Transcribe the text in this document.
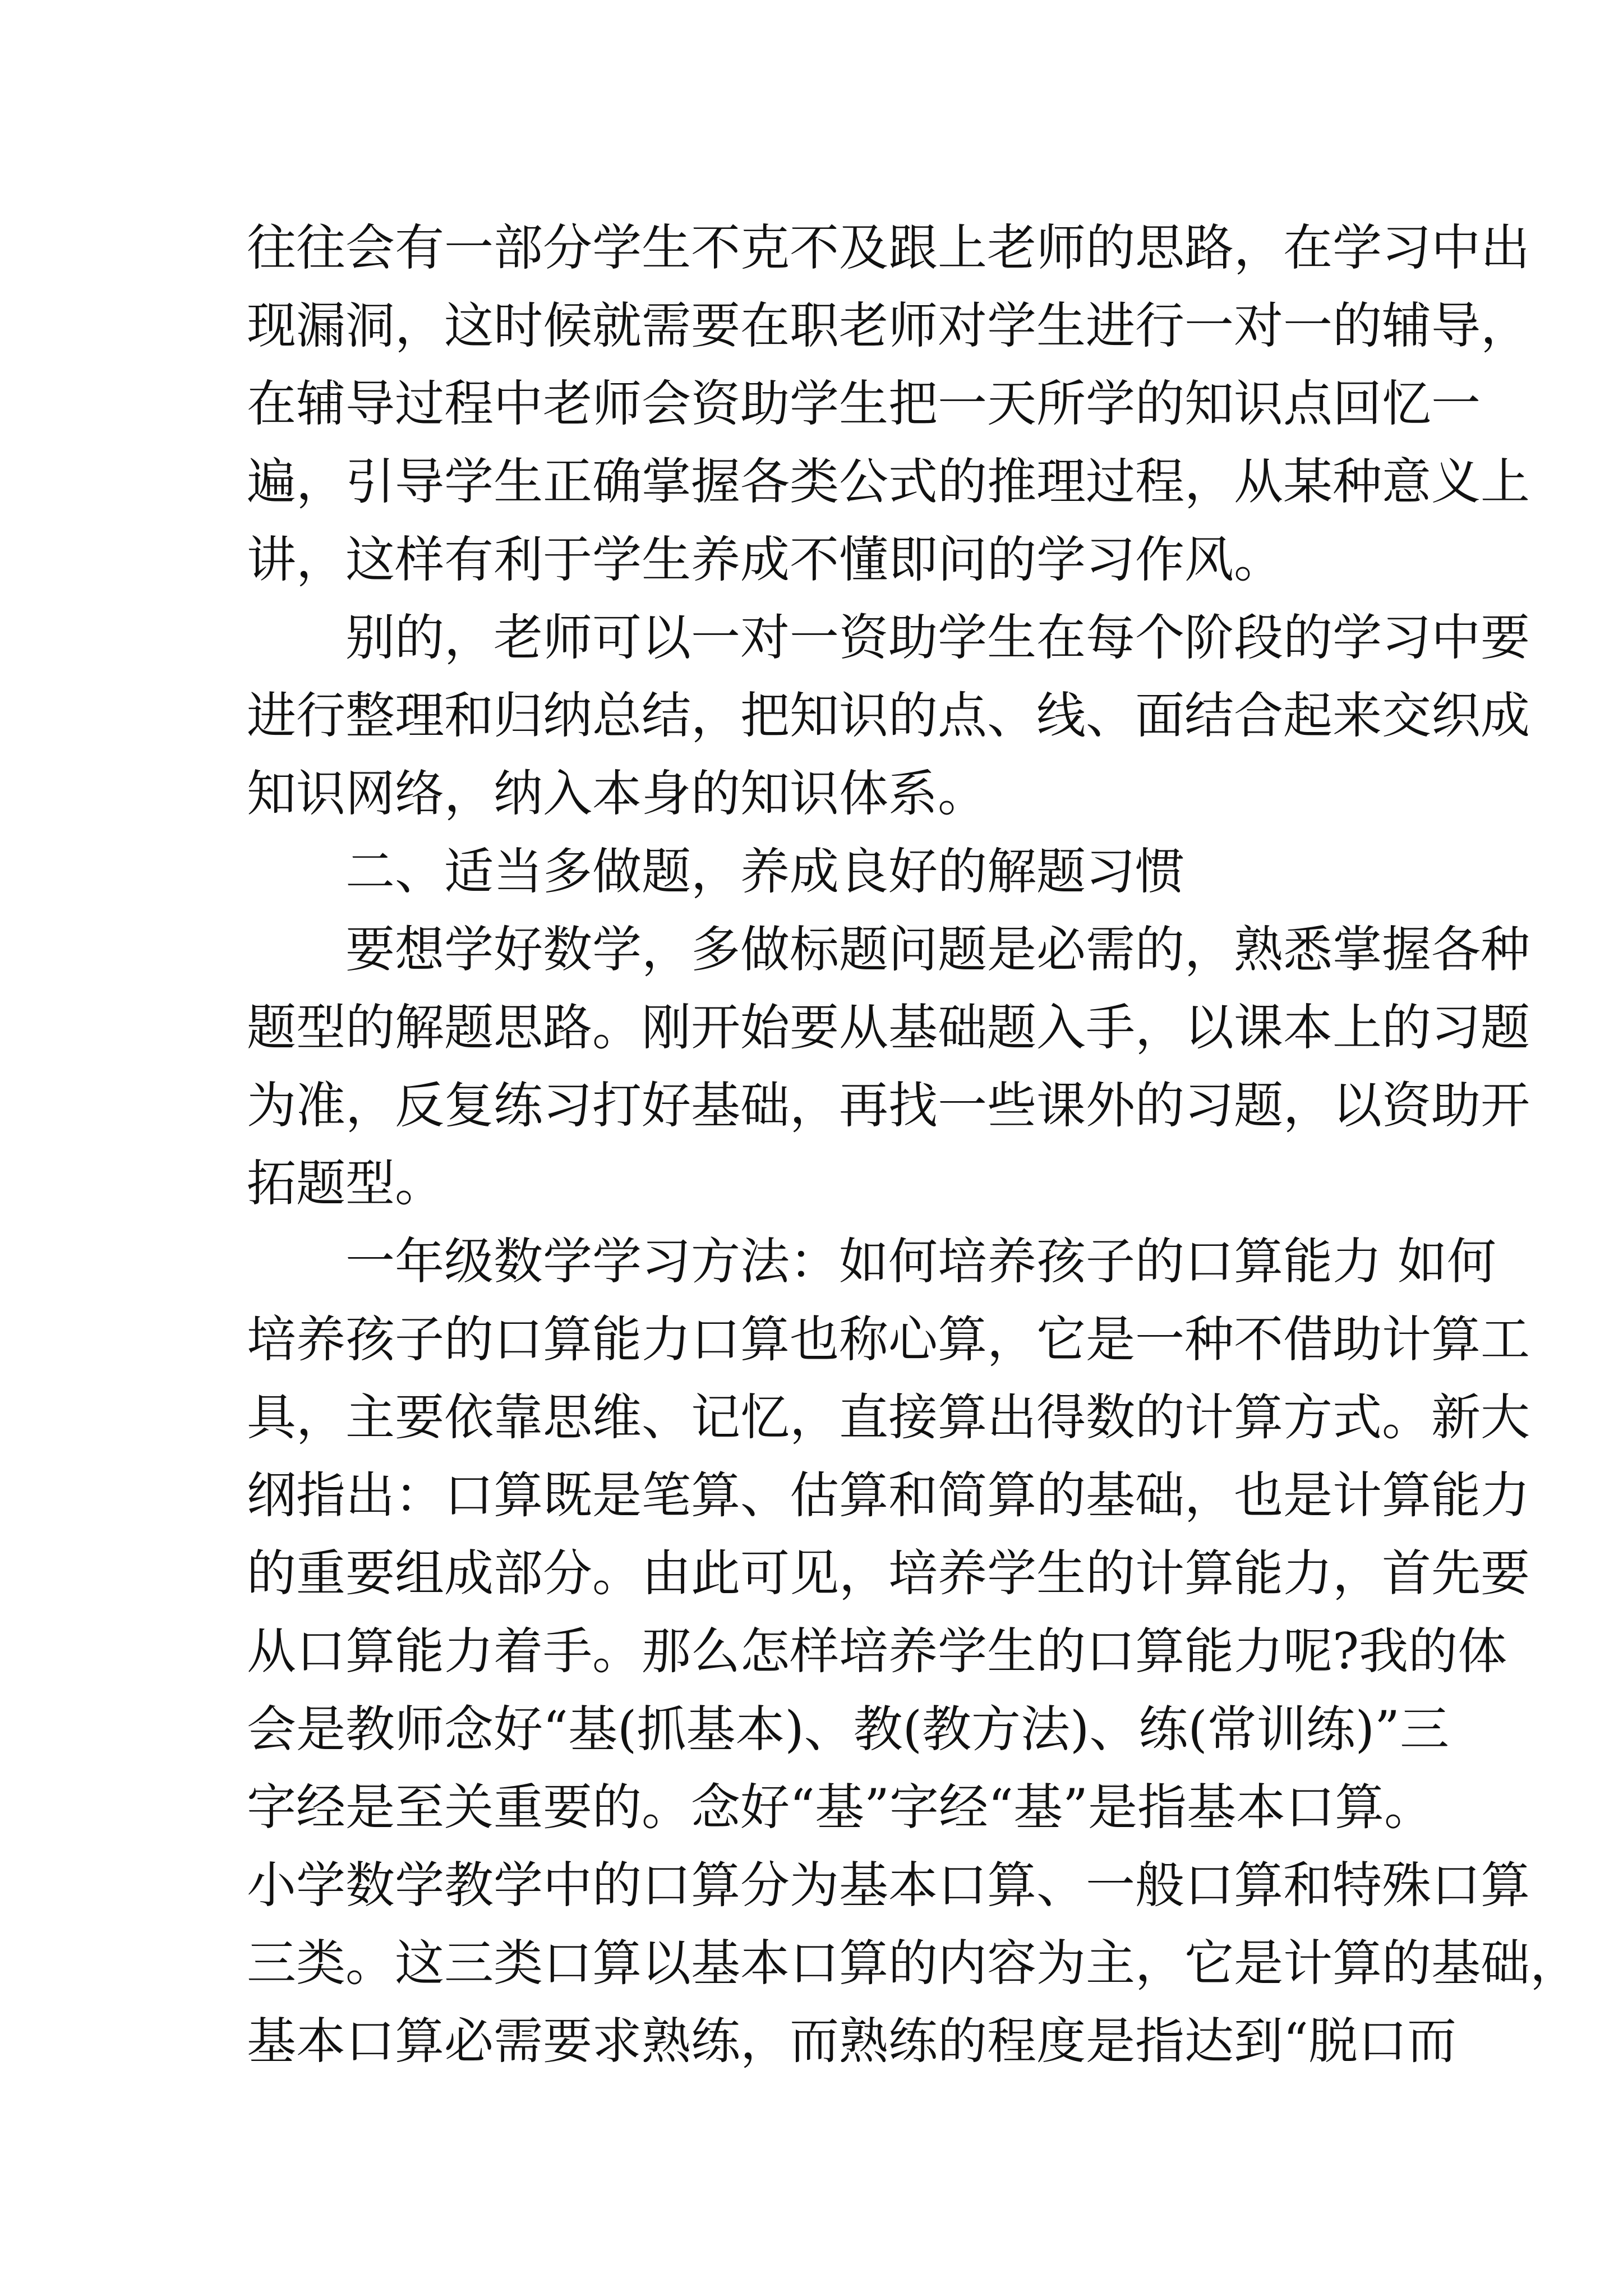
往往会有一部分学生不克不及跟上老师的思路，在学习中出
现漏洞，这时候就需要在职老师对学生进行一对一的辅导，
在辅导过程中老师会资助学生把一天所学的知识点回忆一
遍，引导学生正确掌握各类公式的推理过程，从某种意义上
讲，这样有利于学生养成不懂即问的学习作风。
别的，老师可以一对一资助学生在每个阶段的学习中要
进行整理和归纳总结，把知识的点、线、面结合起来交织成
知识网络，纳入本身的知识体系。
二、适当多做题，养成良好的解题习惯
要想学好数学，多做标题问题是必需的，熟悉掌握各种
题型的解题思路。刚开始要从基础题入手，以课本上的习题
为准，反复练习打好基础，再找一些课外的习题，以资助开
拓题型。
一年级数学学习方法：如何培养孩子的口算能力 如何
培养孩子的口算能力口算也称心算，它是一种不借助计算工
具，主要依靠思维、记忆，直接算出得数的计算方式。新大
纲指出：口算既是笔算、估算和简算的基础，也是计算能力
的重要组成部分。由此可见，培养学生的计算能力，首先要
从口算能力着手。那么怎样培养学生的口算能力呢?我的体
会是教师念好“基(抓基本)、教(教方法)、练(常训练)”三
字经是至关重要的。念好“基”字经“基”是指基本口算。
小学数学教学中的口算分为基本口算、一般口算和特殊口算
三类。这三类口算以基本口算的内容为主，它是计算的基础，
基本口算必需要求熟练，而熟练的程度是指达到“脱口而
